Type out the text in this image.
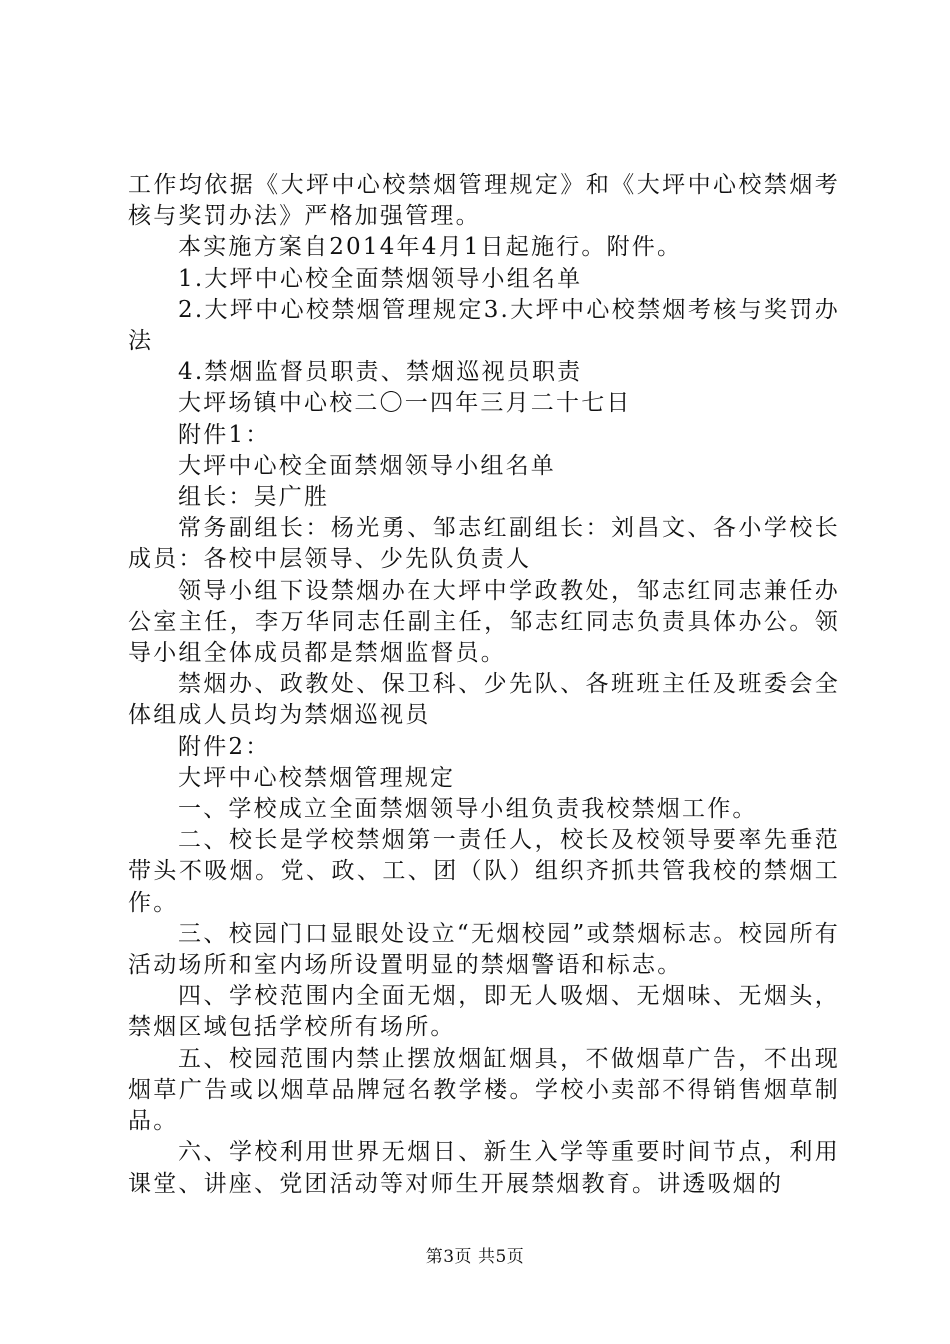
工作均依据《大坪中心校禁烟管理规定》和《大坪中心校禁烟考核与奖罚办法》严格加强管理。

本实施方案自2014年4月1日起施行。附件。

1.大坪中心校全面禁烟领导小组名单

2.大坪中心校禁烟管理规定3.大坪中心校禁烟考核与奖罚办法

4.禁烟监督员职责、禁烟巡视员职责

大坪场镇中心校二〇一四年三月二十七日

附件1：

大坪中心校全面禁烟领导小组名单

组长：吴广胜

常务副组长：杨光勇、邹志红副组长：刘昌文、各小学校长成员：各校中层领导、少先队负责人

领导小组下设禁烟办在大坪中学政教处，邹志红同志兼任办公室主任，李万华同志任副主任，邹志红同志负责具体办公。领导小组全体成员都是禁烟监督员。

禁烟办、政教处、保卫科、少先队、各班班主任及班委会全体组成人员均为禁烟巡视员

附件2：

大坪中心校禁烟管理规定

一、学校成立全面禁烟领导小组负责我校禁烟工作。

二、校长是学校禁烟第一责任人，校长及校领导要率先垂范带头不吸烟。党、政、工、团（队）组织齐抓共管我校的禁烟工作。

三、校园门口显眼处设立“无烟校园”或禁烟标志。校园所有活动场所和室内场所设置明显的禁烟警语和标志。

四、学校范围内全面无烟，即无人吸烟、无烟味、无烟头，禁烟区域包括学校所有场所。

五、校园范围内禁止摆放烟缸烟具，不做烟草广告，不出现烟草广告或以烟草品牌冠名教学楼。学校小卖部不得销售烟草制品。

六、学校利用世界无烟日、新生入学等重要时间节点，利用课堂、讲座、党团活动等对师生开展禁烟教育。讲透吸烟的

第3页 共5页
